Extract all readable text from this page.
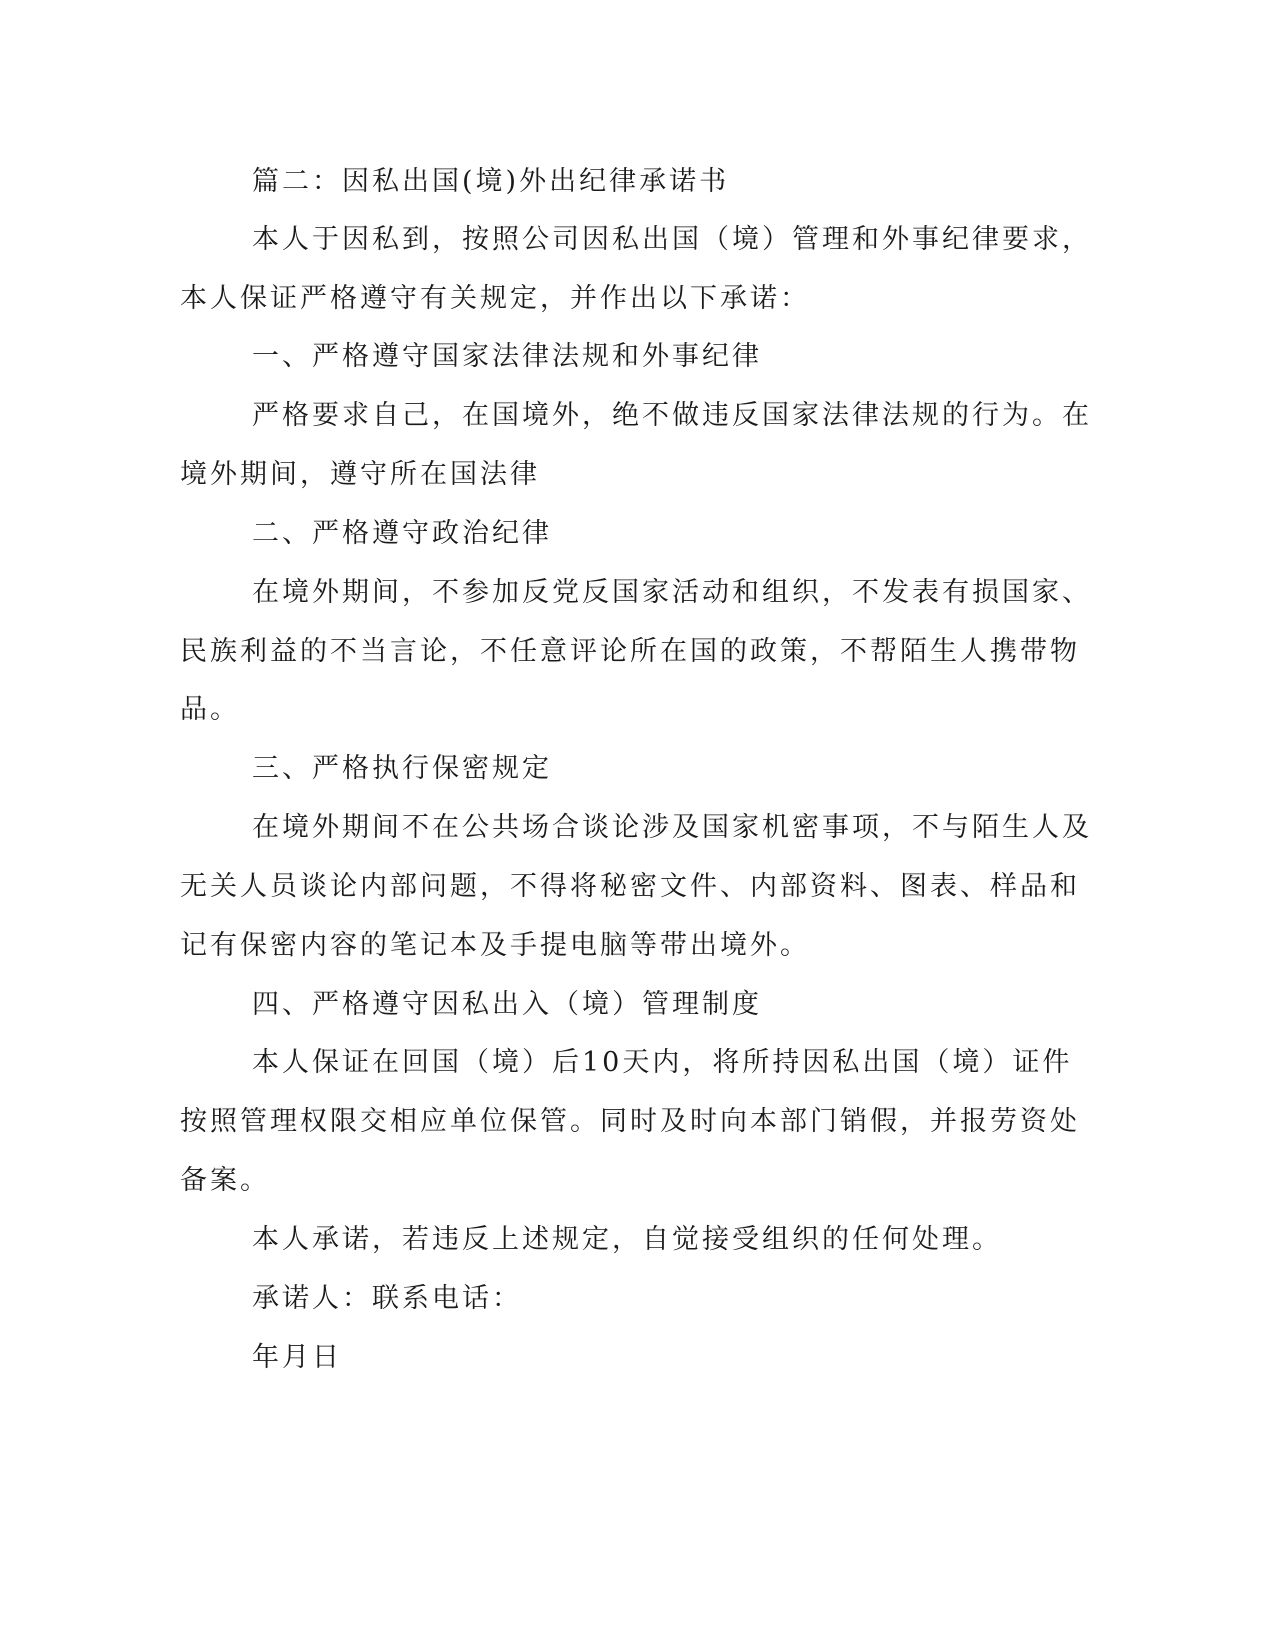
篇二：因私出国(境)外出纪律承诺书

本人于因私到，按照公司因私出国（境）管理和外事纪律要求，

本人保证严格遵守有关规定，并作出以下承诺：

一、严格遵守国家法律法规和外事纪律

严格要求自己，在国境外，绝不做违反国家法律法规的行为。在

境外期间，遵守所在国法律

二、严格遵守政治纪律

在境外期间，不参加反党反国家活动和组织，不发表有损国家、

民族利益的不当言论，不任意评论所在国的政策，不帮陌生人携带物

品。

三、严格执行保密规定

在境外期间不在公共场合谈论涉及国家机密事项，不与陌生人及

无关人员谈论内部问题，不得将秘密文件、内部资料、图表、样品和

记有保密内容的笔记本及手提电脑等带出境外。

四、严格遵守因私出入（境）管理制度

本人保证在回国（境）后10天内，将所持因私出国（境）证件

按照管理权限交相应单位保管。同时及时向本部门销假，并报劳资处

备案。

本人承诺，若违反上述规定，自觉接受组织的任何处理。

承诺人：联系电话：

年月日
